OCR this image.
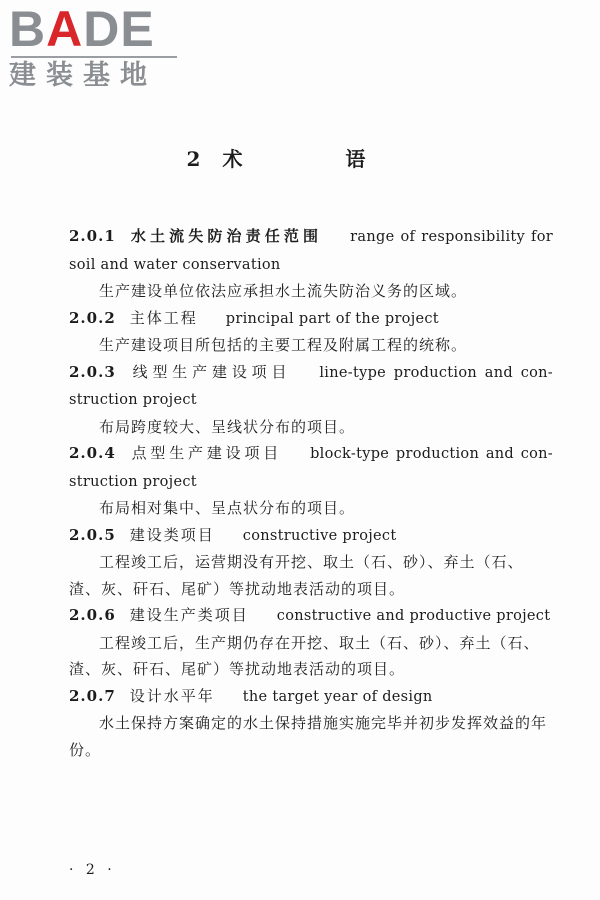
BADE
建装基地
2 术 语
2.0.1 水土流失防治责任范围 range of responsibility for soil and water conservation
生产建设单位依法应承担水土流失防治义务的区域。
2.0.2 主体工程 principal part of the project
生产建设项目所包括的主要工程及附属工程的统称。
2.0.3 线型生产建设项目 line-type production and con-struction project
布局跨度较大、呈线状分布的项目。
2.0.4 点型生产建设项目 block-type production and con-struction project
布局相对集中、呈点状分布的项目。
2.0.5 建设类项目 constructive project
工程竣工后，运营期没有开挖、取土（石、砂）、弃土（石、渣、灰、矸石、尾矿）等扰动地表活动的项目。
2.0.6 建设生产类项目 constructive and productive project
工程竣工后，生产期仍存在开挖、取土（石、砂）、弃土（石、渣、灰、矸石、尾矿）等扰动地表活动的项目。
2.0.7 设计水平年 the target year of design
水土保持方案确定的水土保持措施实施完毕并初步发挥效益的年份。
· 2 ·
